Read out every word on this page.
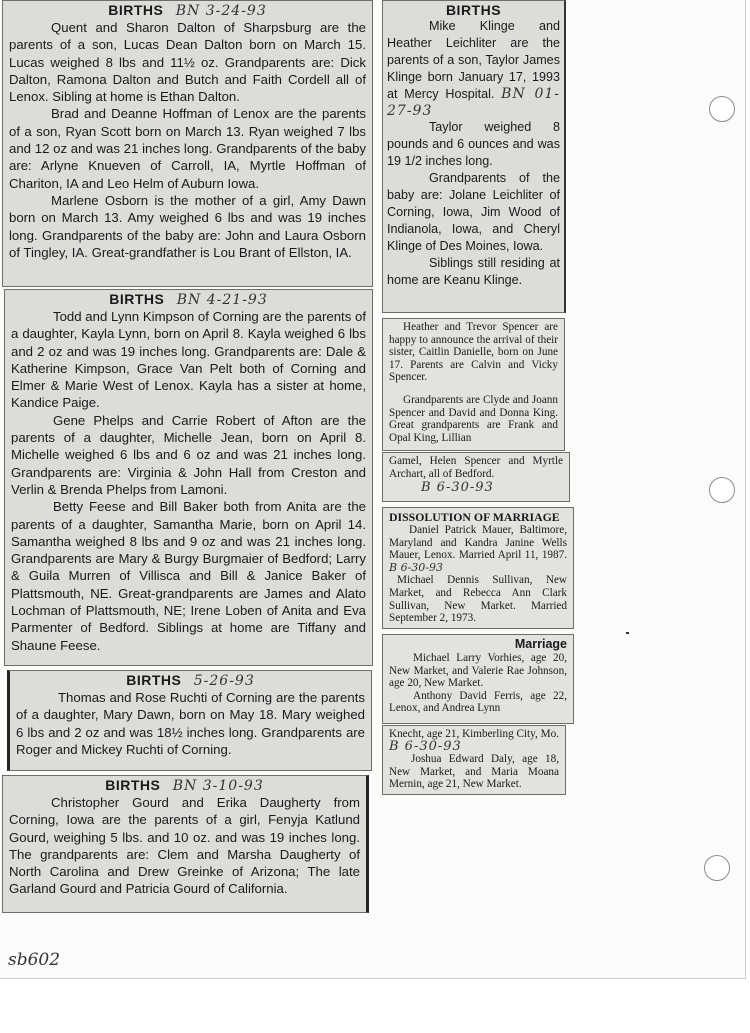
BIRTHS BN 3-24-93

Quent and Sharon Dalton of Sharpsburg are the parents of a son, Lucas Dean Dalton born on March 15. Lucas weighed 8 lbs and 11½ oz. Grandparents are: Dick Dalton, Ramona Dalton and Butch and Faith Cordell all of Lenox. Sibling at home is Ethan Dalton.

Brad and Deanne Hoffman of Lenox are the parents of a son, Ryan Scott born on March 13. Ryan weighed 7 lbs and 12 oz and was 21 inches long. Grandparents of the baby are: Arlyne Knueven of Carroll, IA, Myrtle Hoffman of Chariton, IA and Leo Helm of Auburn Iowa.

Marlene Osborn is the mother of a girl, Amy Dawn born on March 13. Amy weighed 6 lbs and was 19 inches long. Grandparents of the baby are: John and Laura Osborn of Tingley, IA. Great-grandfather is Lou Brant of Ellston, IA.

BIRTHS BN 4-21-93

Todd and Lynn Kimpson of Corning are the parents of a daughter, Kayla Lynn, born on April 8. Kayla weighed 6 lbs and 2 oz and was 19 inches long. Grandparents are: Dale & Katherine Kimpson, Grace Van Pelt both of Corning and Elmer & Marie West of Lenox. Kayla has a sister at home, Kandice Paige.

Gene Phelps and Carrie Robert of Afton are the parents of a daughter, Michelle Jean, born on April 8. Michelle weighed 6 lbs and 6 oz and was 21 inches long. Grandparents are: Virginia & John Hall from Creston and Verlin & Brenda Phelps from Lamoni.

Betty Feese and Bill Baker both from Anita are the parents of a daughter, Samantha Marie, born on April 14. Samantha weighed 8 lbs and 9 oz and was 21 inches long. Grandparents are Mary & Burgy Burgmaier of Bedford; Larry & Guila Murren of Villisca and Bill & Janice Baker of Plattsmouth, NE. Great-grandparents are James and Alato Lochman of Plattsmouth, NE; Irene Loben of Anita and Eva Parmenter of Bedford. Siblings at home are Tiffany and Shaune Feese.

BIRTHS 5-26-93

Thomas and Rose Ruchti of Corning are the parents of a daughter, Mary Dawn, born on May 18. Mary weighed 6 lbs and 2 oz and was 18½ inches long. Grandparents are Roger and Mickey Ruchti of Corning.

BIRTHS BN 3-10-93

Christopher Gourd and Erika Daugherty from Corning, Iowa are the parents of a girl, Fenyja Katlund Gourd, weighing 5 lbs. and 10 oz. and was 19 inches long. The grandparents are: Clem and Marsha Daugherty of North Carolina and Drew Greinke of Arizona; The late Garland Gourd and Patricia Gourd of California.

BIRTHS

Mike Klinge and Heather Leichliter are the parents of a son, Taylor James Klinge born January 17, 1993 at Mercy Hospital. BN 01-27-93

Taylor weighed 8 pounds and 6 ounces and was 19 1/2 inches long.

Grandparents of the baby are: Jolane Leichliter of Corning, Iowa, Jim Wood of Indianola, Iowa, and Cheryl Klinge of Des Moines, Iowa.

Siblings still residing at home are Keanu Klinge.

Heather and Trevor Spencer are happy to announce the arrival of their sister, Caitlin Danielle, born on June 17. Parents are Calvin and Vicky Spencer.

Grandparents are Clyde and Joann Spencer and David and Donna King. Great grandparents are Frank and Opal King, Lillian

Gamel, Helen Spencer and Myrtle Archart, all of Bedford.

B 6-30-93
DISSOLUTION OF MARRIAGE

Daniel Patrick Mauer, Baltimore, Maryland and Kandra Janine Wells Mauer, Lenox. Married April 11, 1987. B 6-30-93

Michael Dennis Sullivan, New Market, and Rebecca Ann Clark Sullivan, New Market. Married September 2, 1973.

Marriage

Michael Larry Vorhies, age 20, New Market, and Valerie Rae Johnson, age 20, New Market.

Anthony David Ferris, age 22, Lenox, and Andrea Lynn

Knecht, age 21, Kimberling City, Mo. B 6-30-93

Joshua Edward Daly, age 18, New Market, and Maria Moana Mernin, age 21, New Market.

sb602
